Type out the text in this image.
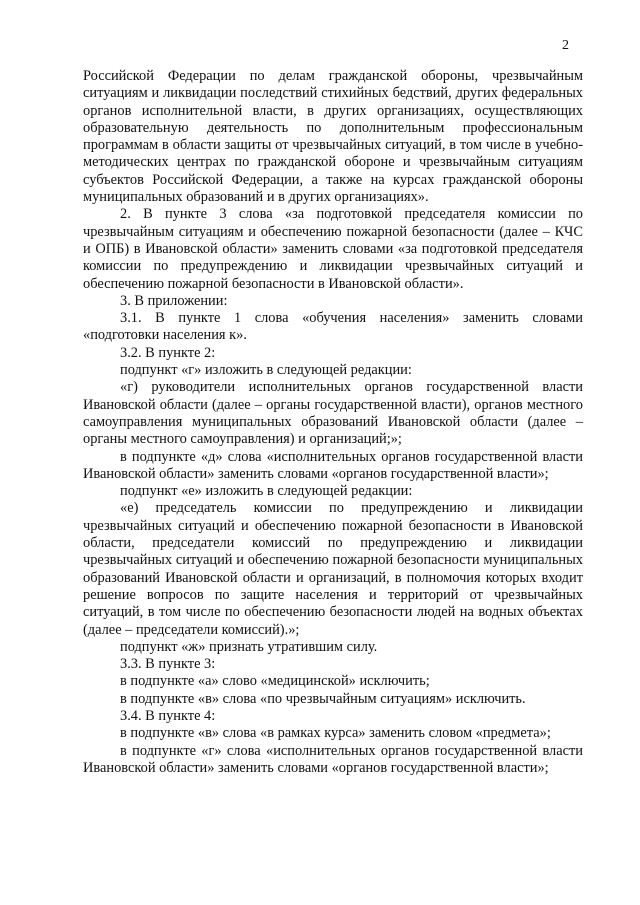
2

Российской Федерации по делам гражданской обороны, чрезвычайным ситуациям и ликвидации последствий стихийных бедствий, других федеральных органов исполнительной власти, в других организациях, осуществляющих образовательную деятельность по дополнительным профессиональным программам в области защиты от чрезвычайных ситуаций, в том числе в учебно-методических центрах по гражданской обороне и чрезвычайным ситуациям субъектов Российской Федерации, а также на курсах гражданской обороны муниципальных образований и в других организациях».

2. В пункте 3 слова «за подготовкой председателя комиссии по чрезвычайным ситуациям и обеспечению пожарной безопасности (далее – КЧС и ОПБ) в Ивановской области» заменить словами «за подготовкой председателя комиссии по предупреждению и ликвидации чрезвычайных ситуаций и обеспечению пожарной безопасности в Ивановской области».

3. В приложении:

3.1. В пункте 1 слова «обучения населения» заменить словами «подготовки населения к».

3.2. В пункте 2:

подпункт «г» изложить в следующей редакции:

«г) руководители исполнительных органов государственной власти Ивановской области (далее – органы государственной власти), органов местного самоуправления муниципальных образований Ивановской области (далее – органы местного самоуправления) и организаций;»;

в подпункте «д» слова «исполнительных органов государственной власти Ивановской области» заменить словами «органов государственной власти»;

подпункт «е» изложить в следующей редакции:

«е) председатель комиссии по предупреждению и ликвидации чрезвычайных ситуаций и обеспечению пожарной безопасности в Ивановской области, председатели комиссий по предупреждению и ликвидации чрезвычайных ситуаций и обеспечению пожарной безопасности муниципальных образований Ивановской области и организаций, в полномочия которых входит решение вопросов по защите населения и территорий от чрезвычайных ситуаций, в том числе по обеспечению безопасности людей на водных объектах (далее – председатели комиссий).»;

подпункт «ж» признать утратившим силу.

3.3. В пункте 3:

в подпункте «а» слово «медицинской» исключить;

в подпункте «в» слова «по чрезвычайным ситуациям» исключить.

3.4. В пункте 4:

в подпункте «в» слова «в рамках курса» заменить словом «предмета»;

в подпункте «г» слова «исполнительных органов государственной власти Ивановской области» заменить словами «органов государственной власти»;
